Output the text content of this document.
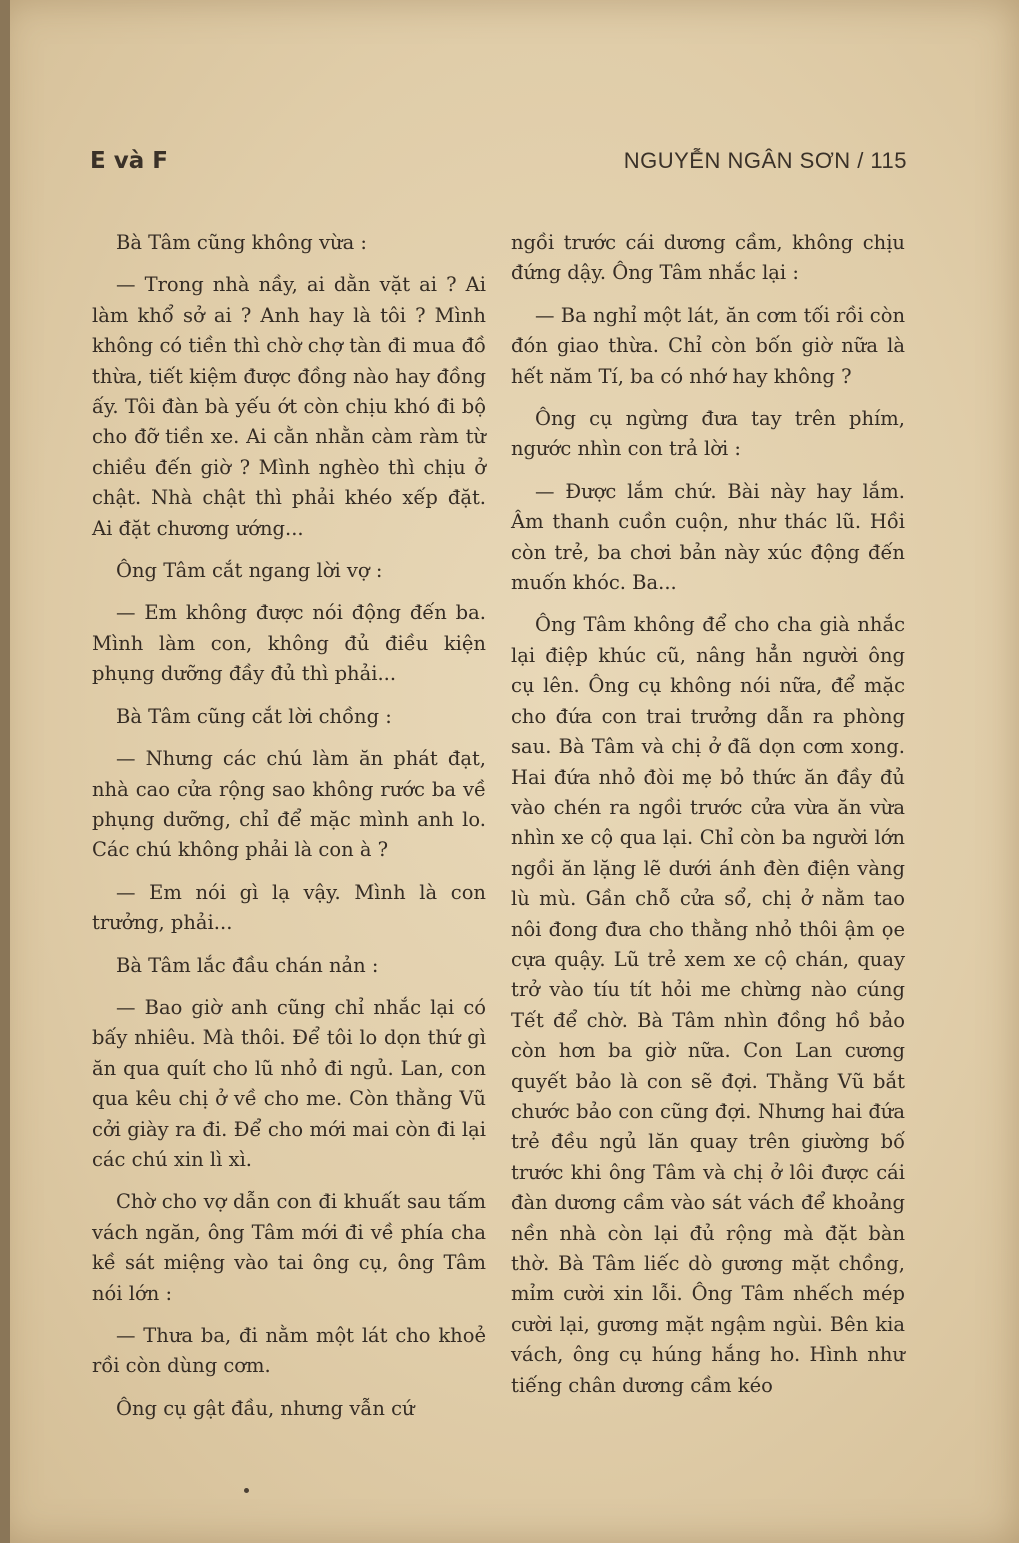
E và F	NGUYỄN NGÂN SƠN / 115

Bà Tâm cũng không vừa :

— Trong nhà nầy, ai dằn vặt ai ? Ai làm khổ sở ai ? Anh hay là tôi ? Mình không có tiền thì chờ chợ tàn đi mua đồ thừa, tiết kiệm được đồng nào hay đồng ấy. Tôi đàn bà yếu ớt còn chịu khó đi bộ cho đỡ tiền xe. Ai cằn nhằn càm ràm từ chiều đến giờ ? Mình nghèo thì chịu ở chật. Nhà chật thì phải khéo xếp đặt. Ai đặt chương ướng...

Ông Tâm cắt ngang lời vợ :

— Em không được nói động đến ba. Mình làm con, không đủ điều kiện phụng dưỡng đầy đủ thì phải...

Bà Tâm cũng cắt lời chồng :

— Nhưng các chú làm ăn phát đạt, nhà cao cửa rộng sao không rước ba về phụng dưỡng, chỉ để mặc mình anh lo. Các chú không phải là con à ?

— Em nói gì lạ vậy. Mình là con trưởng, phải...

Bà Tâm lắc đầu chán nản :

— Bao giờ anh cũng chỉ nhắc lại có bấy nhiêu. Mà thôi. Để tôi lo dọn thứ gì ăn qua quít cho lũ nhỏ đi ngủ. Lan, con qua kêu chị ở về cho me. Còn thằng Vũ cởi giày ra đi. Để cho mới mai còn đi lại các chú xin lì xì.

Chờ cho vợ dẫn con đi khuất sau tấm vách ngăn, ông Tâm mới đi về phía cha kề sát miệng vào tai ông cụ, ông Tâm nói lớn :

— Thưa ba, đi nằm một lát cho khoẻ rồi còn dùng cơm.

Ông cụ gật đầu, nhưng vẫn cứ

ngồi trước cái dương cầm, không chịu đứng dậy. Ông Tâm nhắc lại :

— Ba nghỉ một lát, ăn cơm tối rồi còn đón giao thừa. Chỉ còn bốn giờ nữa là hết năm Tí, ba có nhớ hay không ?

Ông cụ ngừng đưa tay trên phím, ngước nhìn con trả lời :

— Được lắm chứ. Bài này hay lắm. Âm thanh cuồn cuộn, như thác lũ. Hồi còn trẻ, ba chơi bản này xúc động đến muốn khóc. Ba...

Ông Tâm không để cho cha già nhắc lại điệp khúc cũ, nâng hẳn người ông cụ lên. Ông cụ không nói nữa, để mặc cho đứa con trai trưởng dẫn ra phòng sau. Bà Tâm và chị ở đã dọn cơm xong. Hai đứa nhỏ đòi mẹ bỏ thức ăn đầy đủ vào chén ra ngồi trước cửa vừa ăn vừa nhìn xe cộ qua lại. Chỉ còn ba người lớn ngồi ăn lặng lẽ dưới ánh đèn điện vàng lù mù. Gần chỗ cửa sổ, chị ở nằm tao nôi đong đưa cho thằng nhỏ thôi ậm ọe cựa quậy. Lũ trẻ xem xe cộ chán, quay trở vào tíu tít hỏi me chừng nào cúng Tết để chờ. Bà Tâm nhìn đồng hồ bảo còn hơn ba giờ nữa. Con Lan cương quyết bảo là con sẽ đợi. Thằng Vũ bắt chước bảo con cũng đợi. Nhưng hai đứa trẻ đều ngủ lăn quay trên giường bố trước khi ông Tâm và chị ở lôi được cái đàn dương cầm vào sát vách để khoảng nền nhà còn lại đủ rộng mà đặt bàn thờ. Bà Tâm liếc dò gương mặt chồng, mỉm cười xin lỗi. Ông Tâm nhếch mép cười lại, gương mặt ngậm ngùi. Bên kia vách, ông cụ húng hắng ho. Hình như tiếng chân dương cầm kéo
